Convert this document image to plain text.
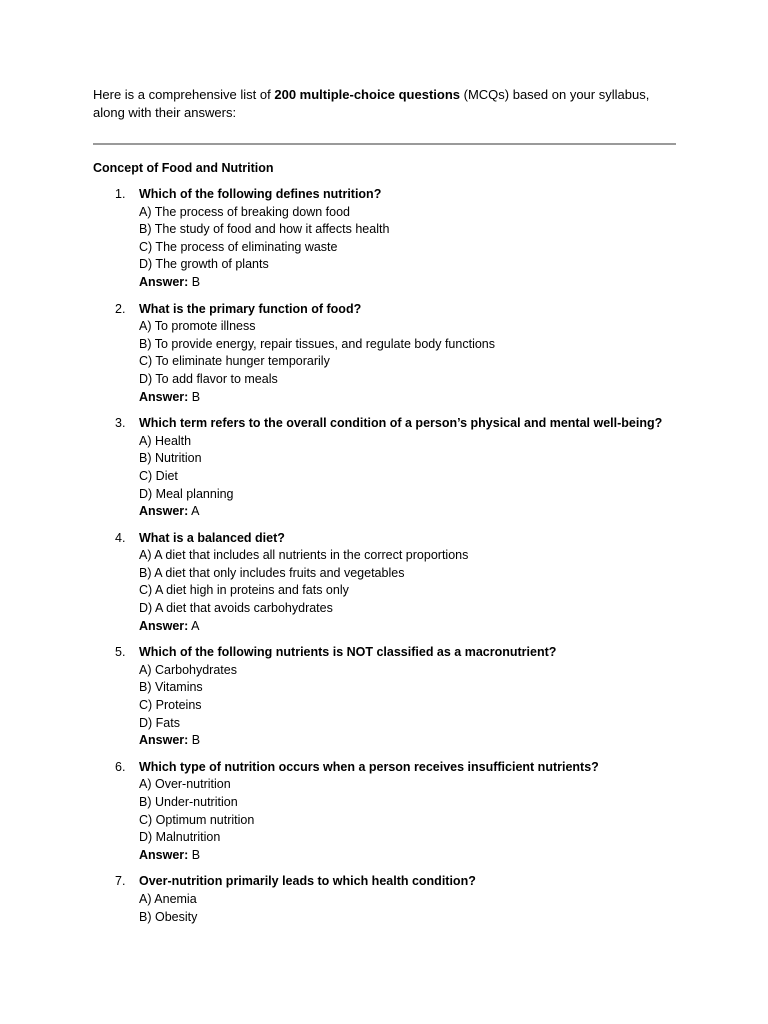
Here is a comprehensive list of 200 multiple-choice questions (MCQs) based on your syllabus, along with their answers:

Concept of Food and Nutrition

1.	Which of the following defines nutrition?
A) The process of breaking down food
B) The study of food and how it affects health
C) The process of eliminating waste
D) The growth of plants
Answer: B
2.	What is the primary function of food?
A) To promote illness
B) To provide energy, repair tissues, and regulate body functions
C) To eliminate hunger temporarily
D) To add flavor to meals
Answer: B
3.	Which term refers to the overall condition of a person’s physical and mental well-being?
A) Health
B) Nutrition
C) Diet
D) Meal planning
Answer: A
4.	What is a balanced diet?
A) A diet that includes all nutrients in the correct proportions
B) A diet that only includes fruits and vegetables
C) A diet high in proteins and fats only
D) A diet that avoids carbohydrates
Answer: A
5.	Which of the following nutrients is NOT classified as a macronutrient?
A) Carbohydrates
B) Vitamins
C) Proteins
D) Fats
Answer: B
6.	Which type of nutrition occurs when a person receives insufficient nutrients?
A) Over-nutrition
B) Under-nutrition
C) Optimum nutrition
D) Malnutrition
Answer: B
7.	Over-nutrition primarily leads to which health condition?
A) Anemia
B) Obesity
